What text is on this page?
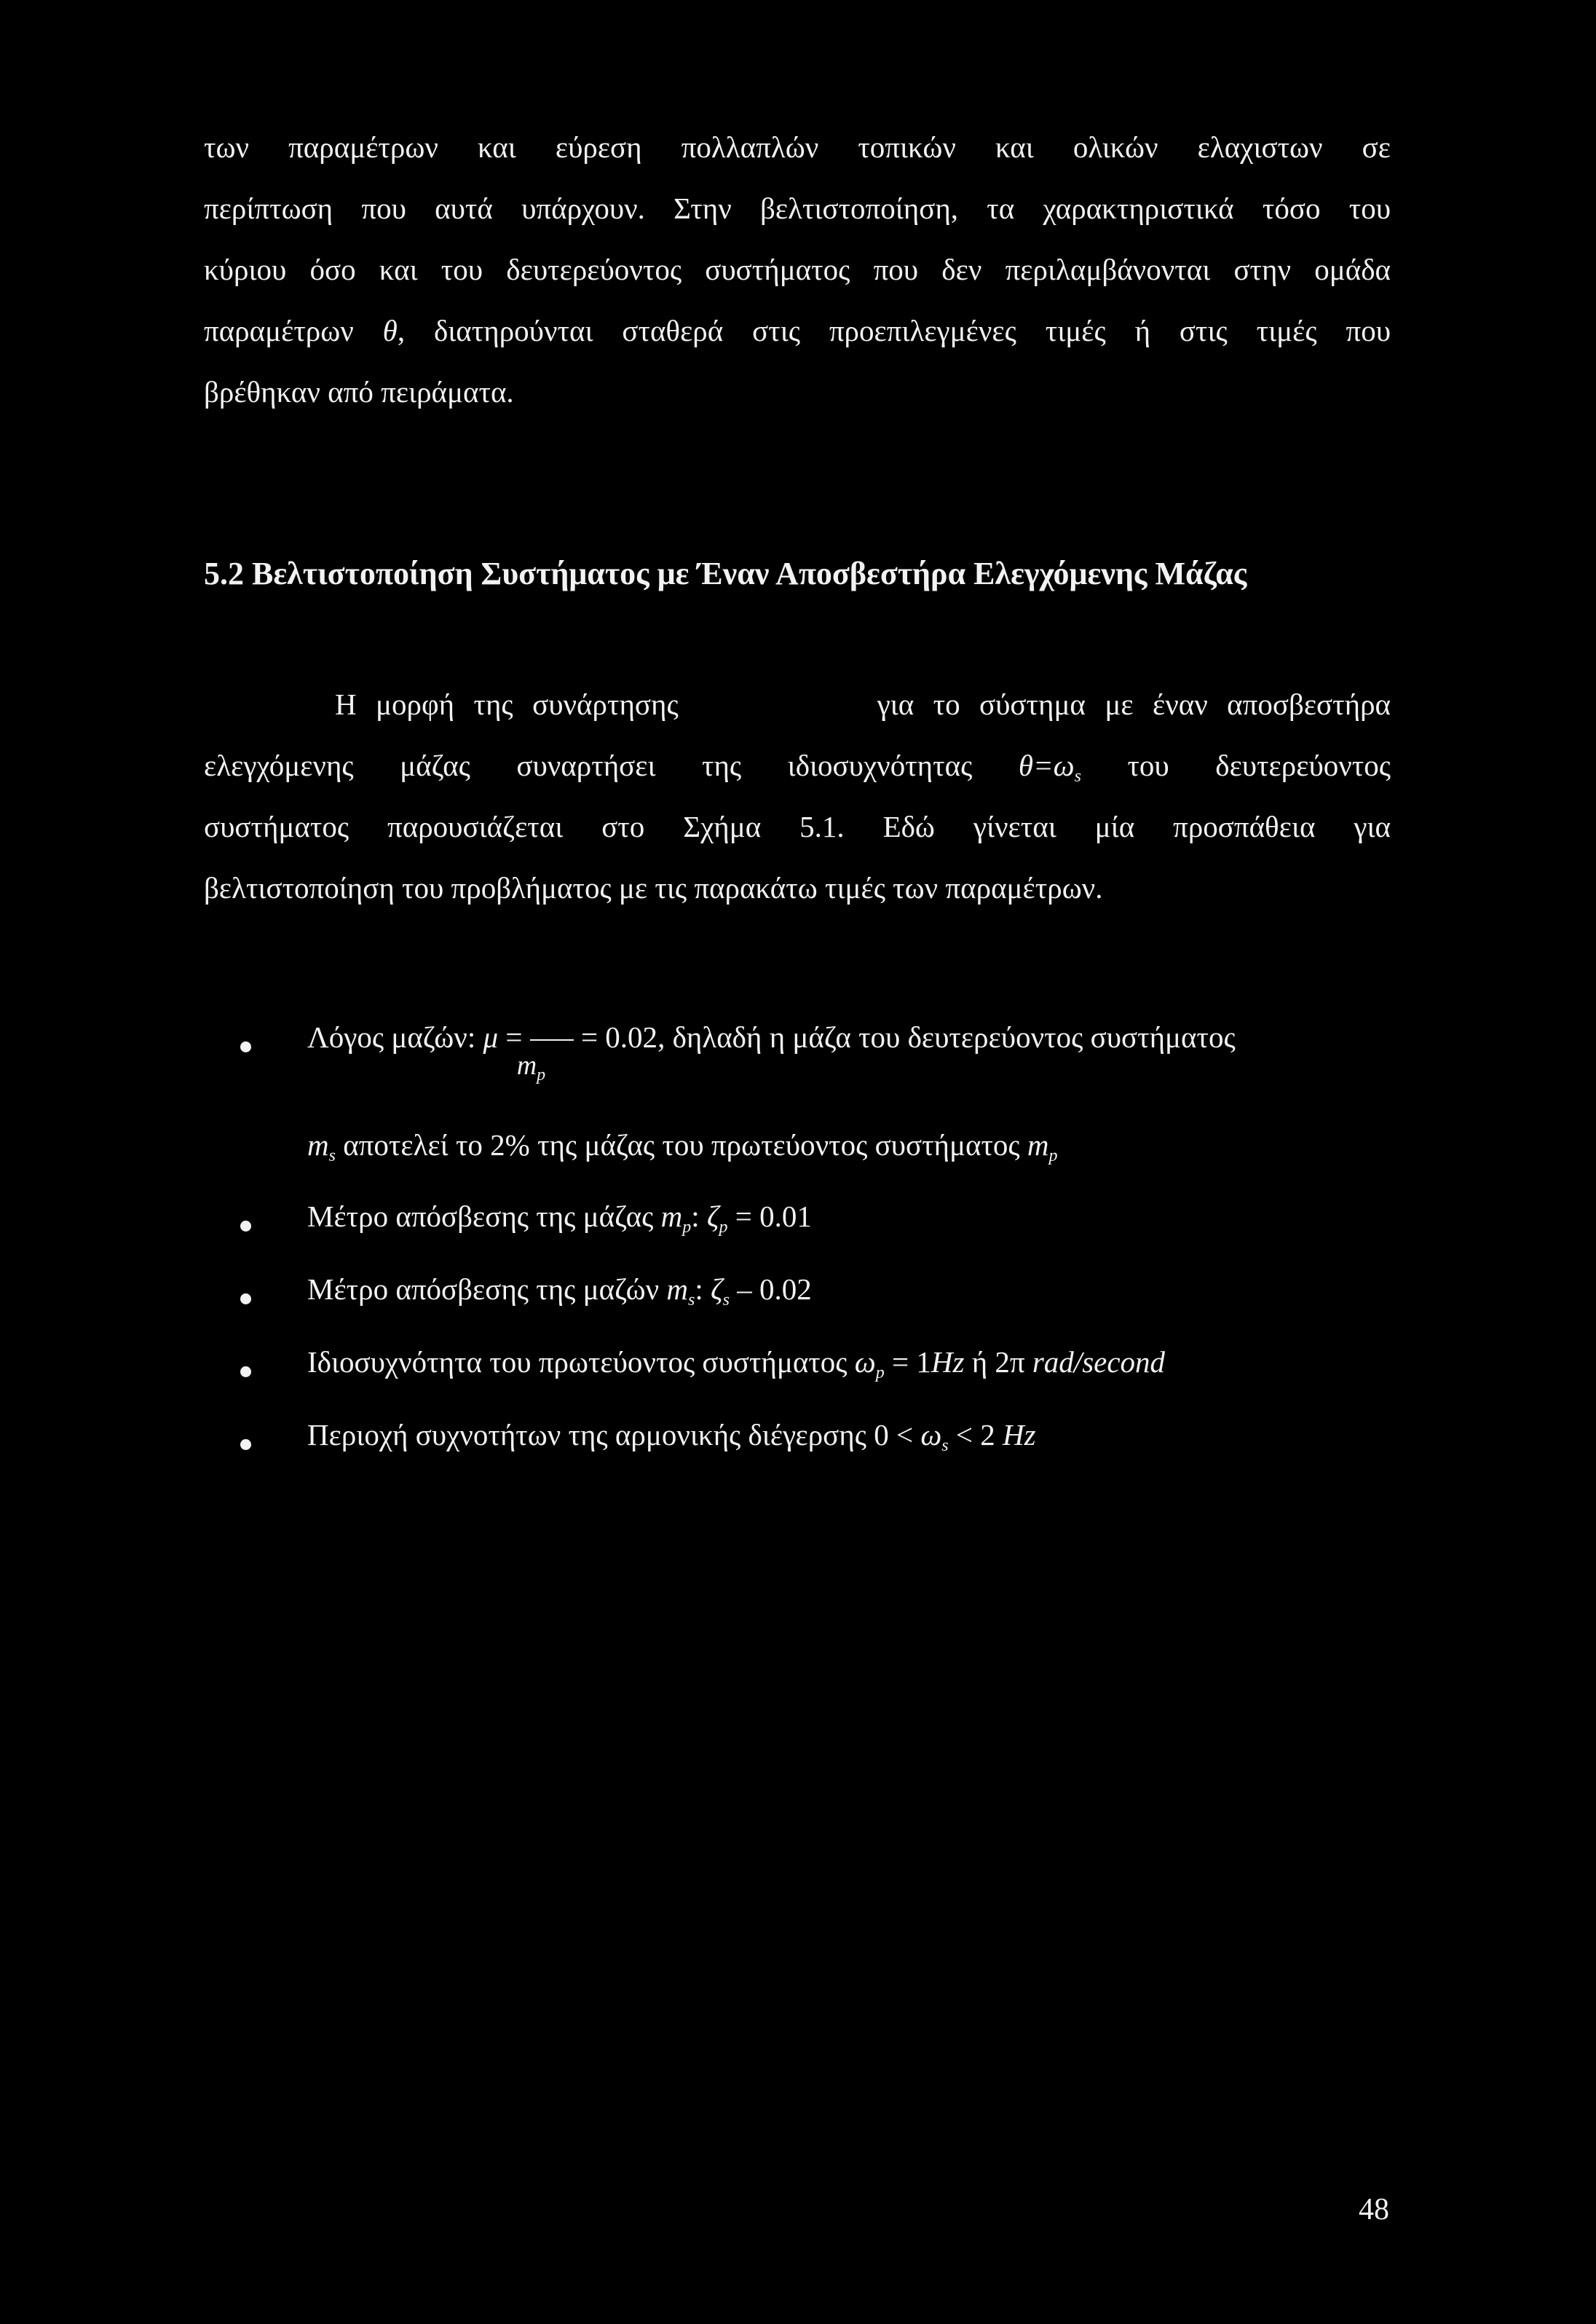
των παραμέτρων και εύρεση πολλαπλών τοπικών και ολικών ελαχιστων σε
περίπτωση που αυτά υπάρχουν. Στην βελτιστοποίηση, τα χαρακτηριστικά τόσο του
κύριου όσο και του δευτερεύοντος συστήματος που δεν περιλαμβάνονται στην ομάδα
παραμέτρων θ, διατηρούνται σταθερά στις προεπιλεγμένες τιμές ή στις τιμές που
βρέθηκαν από πειράματα.
5.2 Βελτιστοποίηση Συστήματος με Έναν Αποσβεστήρα Ελεγχόμενης Μάζας
Η μορφή της συνάρτησης	για το σύστημα με έναν αποσβεστήρα
ελεγχόμενης μάζας συναρτήσει της ιδιοσυχνότητας $\theta=\omega_s$ του δευτερεύοντος
συστήματος παρουσιάζεται στο Σχήμα 5.1. Εδώ γίνεται μία προσπάθεια για
βελτιστοποίηση του προβλήματος με τις παρακάτω τιμές των παραμέτρων.
Λόγος μαζών: μ =
$m_p$
= 0.02, δηλαδή η μάζα του δευτερεύοντος συστήματος
$m_s$ αποτελεί το 2% της μάζας του πρωτεύοντος συστήματος $m_p$
Μέτρο απόσβεσης της μάζας $m_p$: $\zeta_p = 0.01$
Μέτρο απόσβεσης της μαζών $m_s$: $\zeta_s - 0.02$
Ιδιοσυχνότητα του πρωτεύοντος συστήματος $\omega_p = 1Hz$ ή 2π rad/second
Περιοχή συχνοτήτων της αρμονικής διέγερσης $0 < \omega_s < 2$ Hz
48
